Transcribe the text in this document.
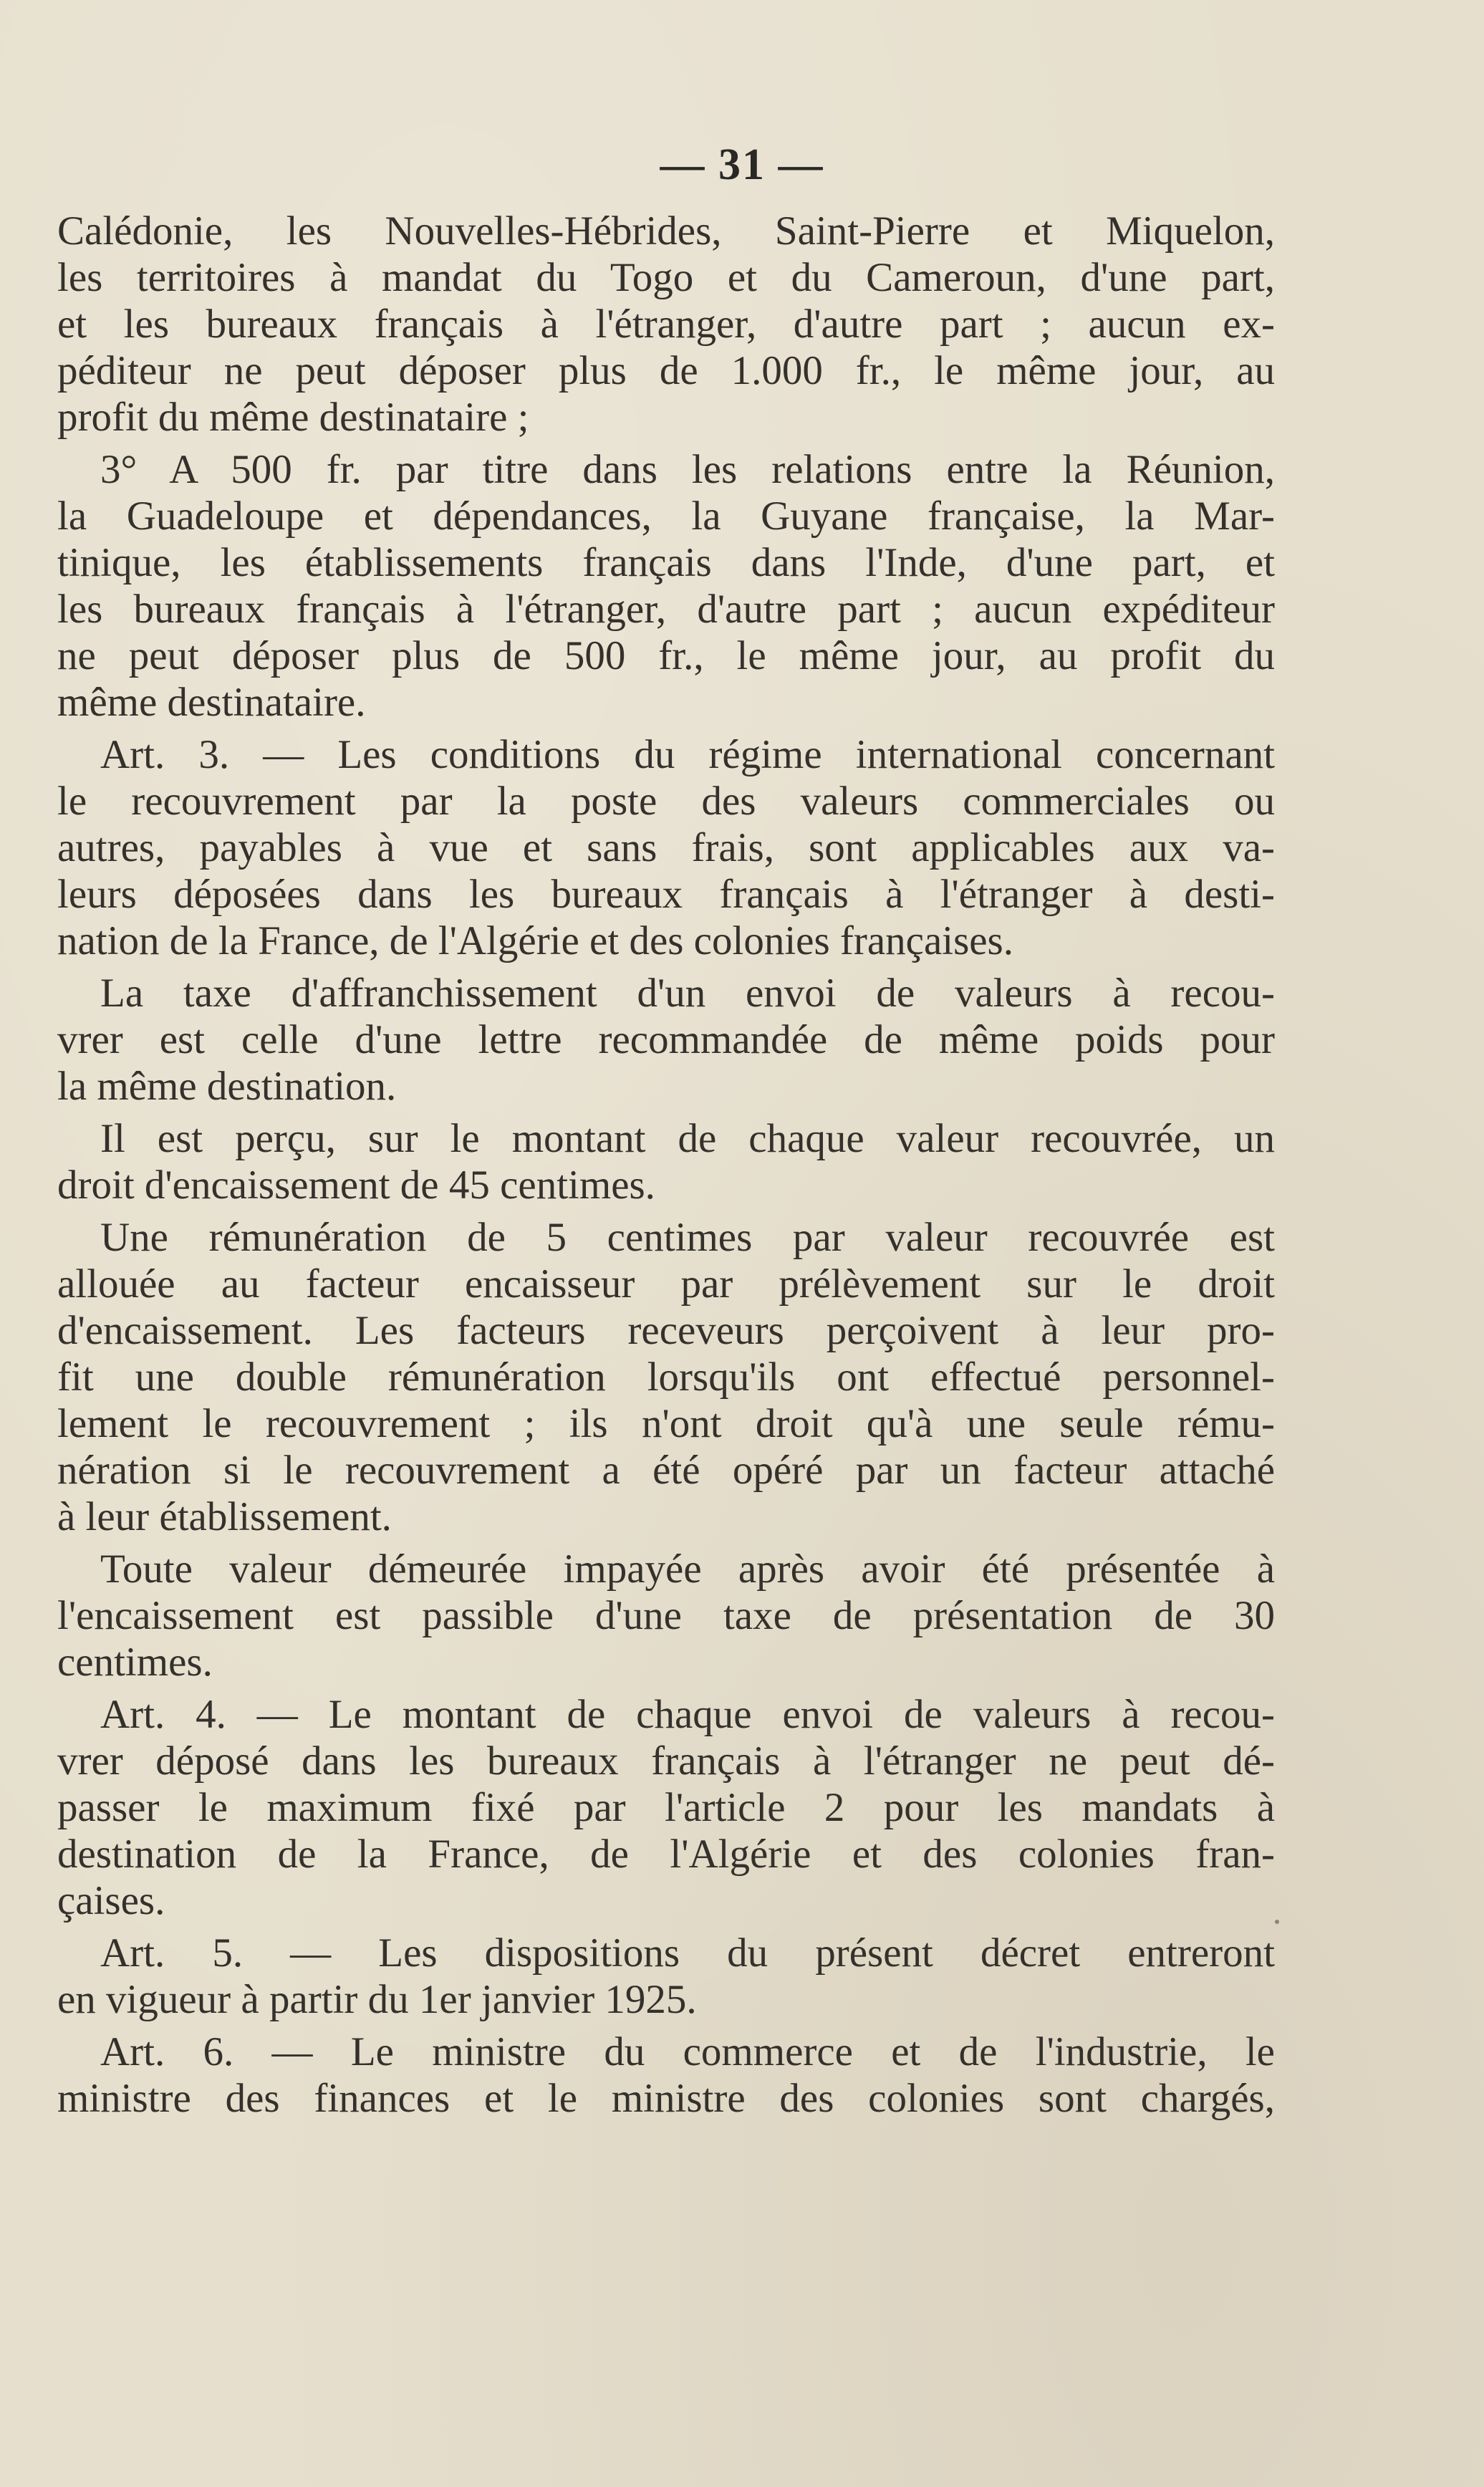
— 31 —
Calédonie, les Nouvelles-Hébrides, Saint-Pierre et Miquelon,
les territoires à mandat du Togo et du Cameroun, d'une part,
et les bureaux français à l'étranger, d'autre part ; aucun ex-
péditeur ne peut déposer plus de 1.000 fr., le même jour, au
profit du même destinataire ;
3° A 500 fr. par titre dans les relations entre la Réunion,
la Guadeloupe et dépendances, la Guyane française, la Mar-
tinique, les établissements français dans l'Inde, d'une part, et
les bureaux français à l'étranger, d'autre part ; aucun expéditeur
ne peut déposer plus de 500 fr., le même jour, au profit du
même destinataire.
Art. 3. — Les conditions du régime international concernant
le recouvrement par la poste des valeurs commerciales ou
autres, payables à vue et sans frais, sont applicables aux va-
leurs déposées dans les bureaux français à l'étranger à desti-
nation de la France, de l'Algérie et des colonies françaises.
La taxe d'affranchissement d'un envoi de valeurs à recou-
vrer est celle d'une lettre recommandée de même poids pour
la même destination.
Il est perçu, sur le montant de chaque valeur recouvrée, un
droit d'encaissement de 45 centimes.
Une rémunération de 5 centimes par valeur recouvrée est
allouée au facteur encaisseur par prélèvement sur le droit
d'encaissement. Les facteurs receveurs perçoivent à leur pro-
fit une double rémunération lorsqu'ils ont effectué personnel-
lement le recouvrement ; ils n'ont droit qu'à une seule rému-
nération si le recouvrement a été opéré par un facteur attaché
à leur établissement.
Toute valeur démeurée impayée après avoir été présentée à
l'encaissement est passible d'une taxe de présentation de 30
centimes.
Art. 4. — Le montant de chaque envoi de valeurs à recou-
vrer déposé dans les bureaux français à l'étranger ne peut dé-
passer le maximum fixé par l'article 2 pour les mandats à
destination de la France, de l'Algérie et des colonies fran-
çaises.
Art. 5. — Les dispositions du présent décret entreront
en vigueur à partir du 1er janvier 1925.
Art. 6. — Le ministre du commerce et de l'industrie, le
ministre des finances et le ministre des colonies sont chargés,
